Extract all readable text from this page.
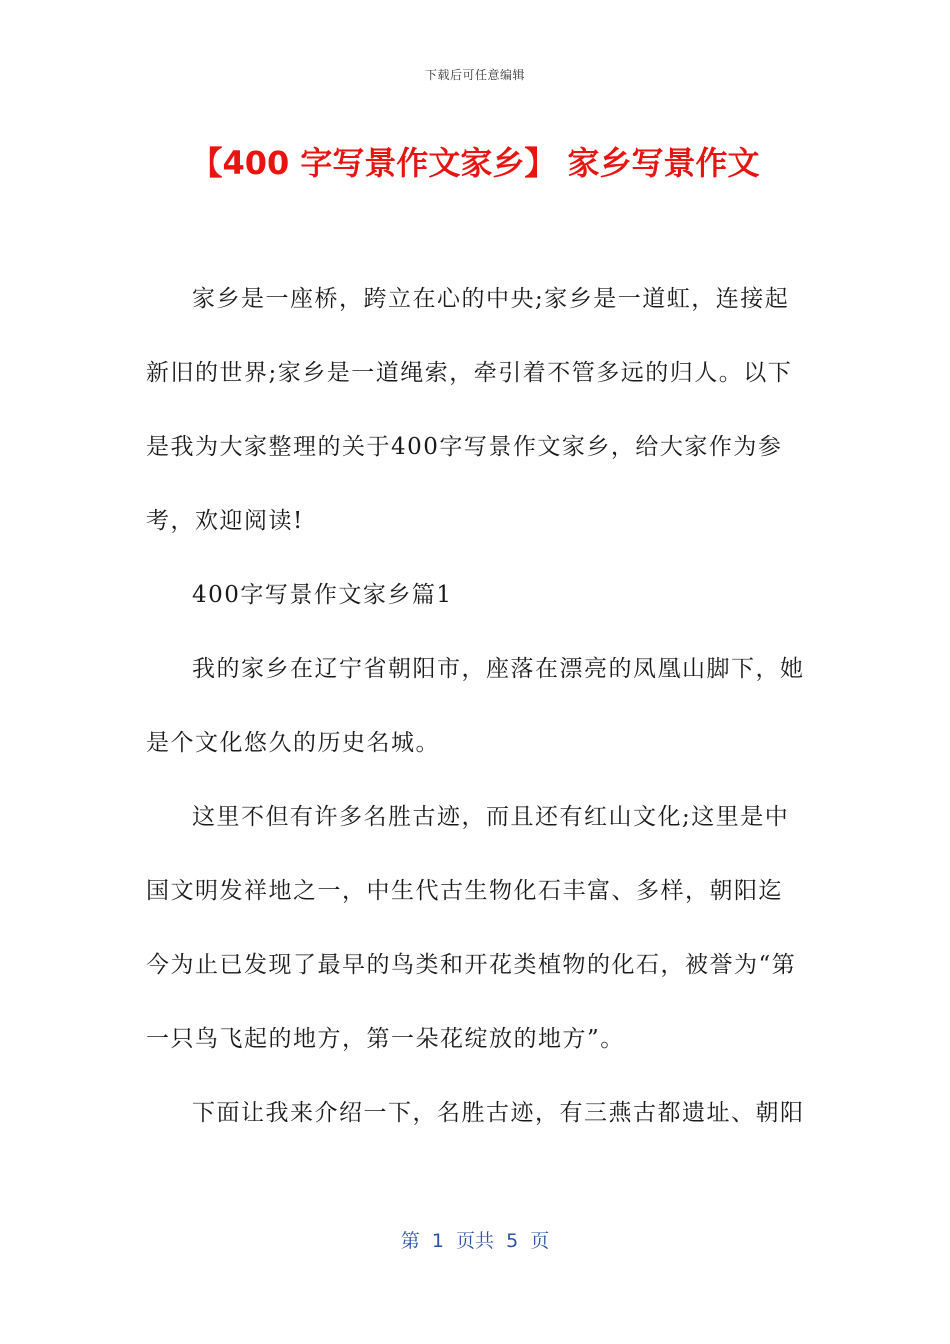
下载后可任意编辑
【400 字写景作文家乡】 家乡写景作文

家乡是一座桥，跨立在心的中央;家乡是一道虹，连接起新旧的世界;家乡是一道绳索，牵引着不管多远的归人。以下是我为大家整理的关于400字写景作文家乡，给大家作为参考，欢迎阅读!

400字写景作文家乡篇1

我的家乡在辽宁省朝阳市，座落在漂亮的凤凰山脚下，她是个文化悠久的历史名城。

这里不但有许多名胜古迹，而且还有红山文化;这里是中国文明发祥地之一，中生代古生物化石丰富、多样，朝阳迄今为止已发现了最早的鸟类和开花类植物的化石，被誉为“第一只鸟飞起的地方，第一朵花绽放的地方”。

下面让我来介绍一下，名胜古迹，有三燕古都遗址、朝阳

第  1  页共  5  页
